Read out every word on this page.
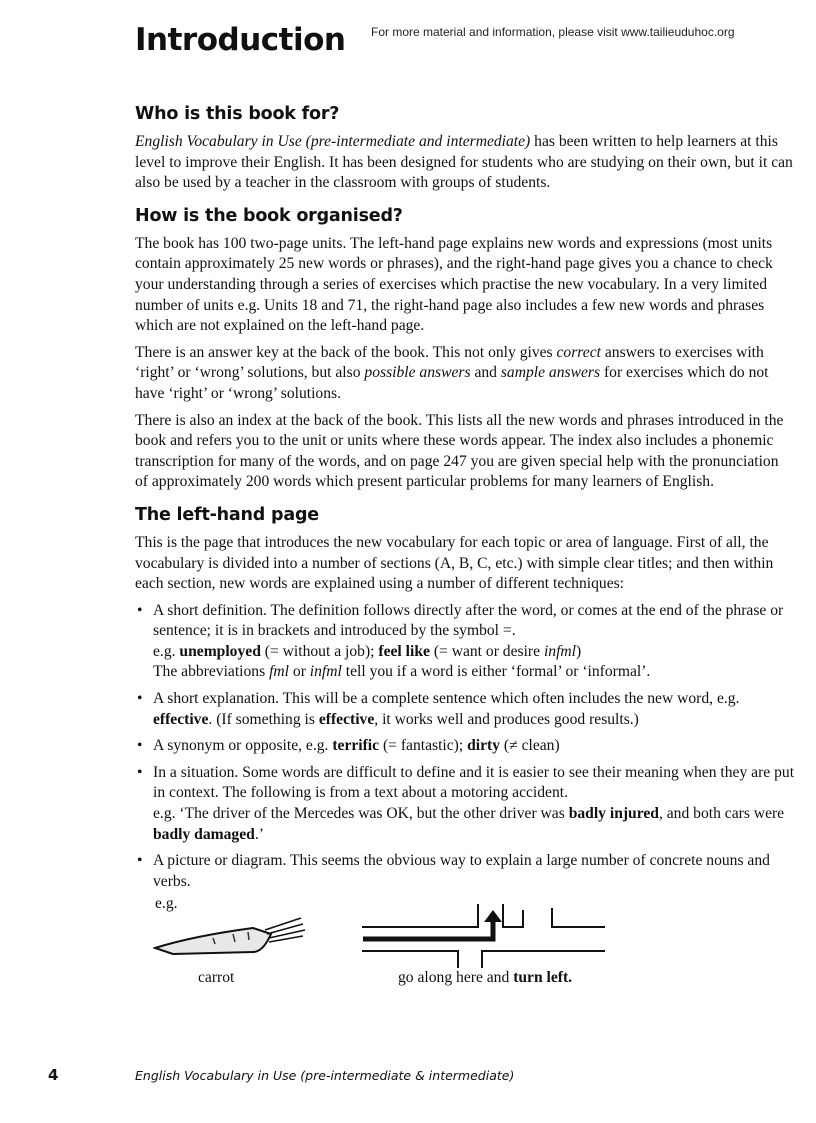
Introduction For more material and information, please visit www.tailieuduhoc.org
Who is this book for?

English Vocabulary in Use (pre-intermediate and intermediate) has been written to help learners at this level to improve their English. It has been designed for students who are studying on their own, but it can also be used by a teacher in the classroom with groups of students.

How is the book organised?

The book has 100 two-page units. The left-hand page explains new words and expressions (most units contain approximately 25 new words or phrases), and the right-hand page gives you a chance to check your understanding through a series of exercises which practise the new vocabulary. In a very limited number of units e.g. Units 18 and 71, the right-hand page also includes a few new words and phrases which are not explained on the left-hand page.

There is an answer key at the back of the book. This not only gives correct answers to exercises with ‘right’ or ‘wrong’ solutions, but also possible answers and sample answers for exercises which do not have ‘right’ or ‘wrong’ solutions.

There is also an index at the back of the book. This lists all the new words and phrases introduced in the book and refers you to the unit or units where these words appear. The index also includes a phonemic transcription for many of the words, and on page 247 you are given special help with the pronunciation of approximately 200 words which present particular problems for many learners of English.

The left-hand page

This is the page that introduces the new vocabulary for each topic or area of language. First of all, the vocabulary is divided into a number of sections (A, B, C, etc.) with simple clear titles; and then within each section, new words are explained using a number of different techniques:

• A short definition. The definition follows directly after the word, or comes at the end of the phrase or sentence; it is in brackets and introduced by the symbol =.
e.g. unemployed (= without a job); feel like (= want or desire infml)
The abbreviations fml or infml tell you if a word is either ‘formal’ or ‘informal’.
• A short explanation. This will be a complete sentence which often includes the new word, e.g. effective. (If something is effective, it works well and produces good results.)
• A synonym or opposite, e.g. terrific (= fantastic); dirty (≠ clean)
• In a situation. Some words are difficult to define and it is easier to see their meaning when they are put in context. The following is from a text about a motoring accident.
e.g. ‘The driver of the Mercedes was OK, but the other driver was badly injured, and both cars were badly damaged.’
• A picture or diagram. This seems the obvious way to explain a large number of concrete nouns and verbs.
e.g.
carrot	go along here and turn left.
4	English Vocabulary in Use (pre-intermediate & intermediate)
